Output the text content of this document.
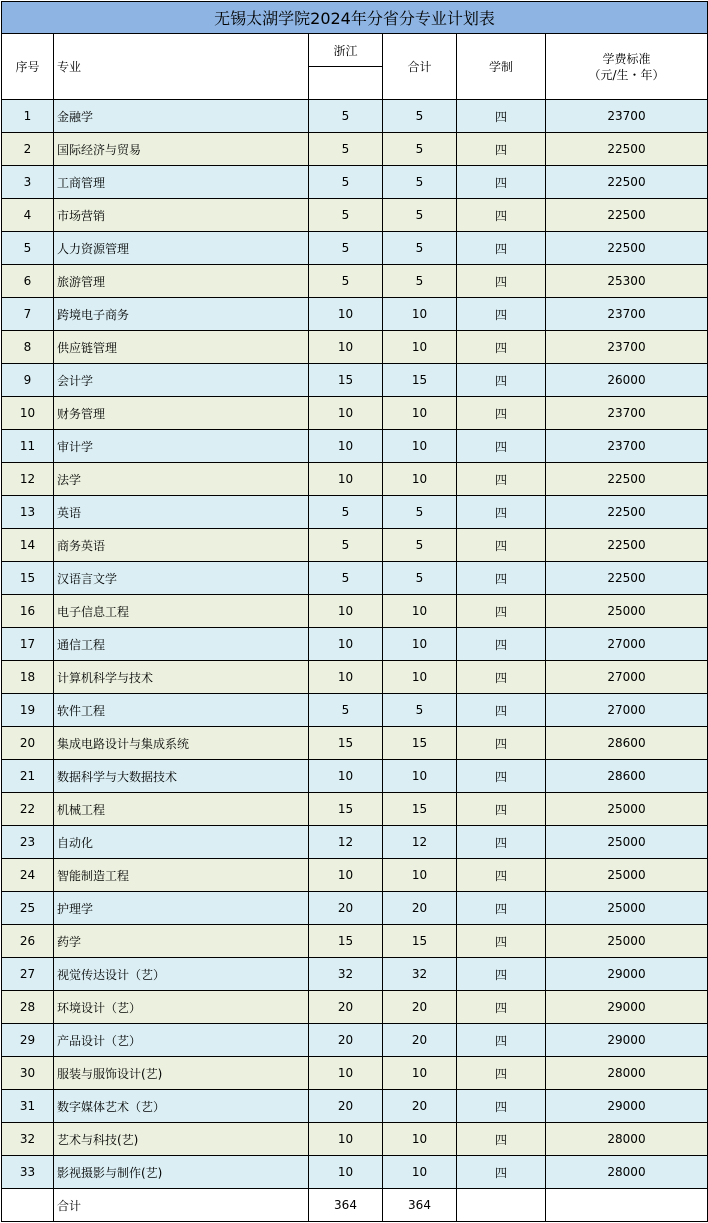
无锡太湖学院2024年分省分专业计划表					
序号	专业	浙江	合计	学制	学费标准
（元/生・年）

1	金融学	5	5	四	23700
2	国际经济与贸易	5	5	四	22500
3	工商管理	5	5	四	22500
4	市场营销	5	5	四	22500
5	人力资源管理	5	5	四	22500
6	旅游管理	5	5	四	25300
7	跨境电子商务	10	10	四	23700
8	供应链管理	10	10	四	23700
9	会计学	15	15	四	26000
10	财务管理	10	10	四	23700
11	审计学	10	10	四	23700
12	法学	10	10	四	22500
13	英语	5	5	四	22500
14	商务英语	5	5	四	22500
15	汉语言文学	5	5	四	22500
16	电子信息工程	10	10	四	25000
17	通信工程	10	10	四	27000
18	计算机科学与技术	10	10	四	27000
19	软件工程	5	5	四	27000
20	集成电路设计与集成系统	15	15	四	28600
21	数据科学与大数据技术	10	10	四	28600
22	机械工程	15	15	四	25000
23	自动化	12	12	四	25000
24	智能制造工程	10	10	四	25000
25	护理学	20	20	四	25000
26	药学	15	15	四	25000
27	视觉传达设计（艺）	32	32	四	29000
28	环境设计（艺）	20	20	四	29000
29	产品设计（艺）	20	20	四	29000
30	服装与服饰设计(艺)	10	10	四	28000
31	数字媒体艺术（艺）	20	20	四	29000
32	艺术与科技(艺)	10	10	四	28000
33	影视摄影与制作(艺)	10	10	四	28000
	合计	364	364		
